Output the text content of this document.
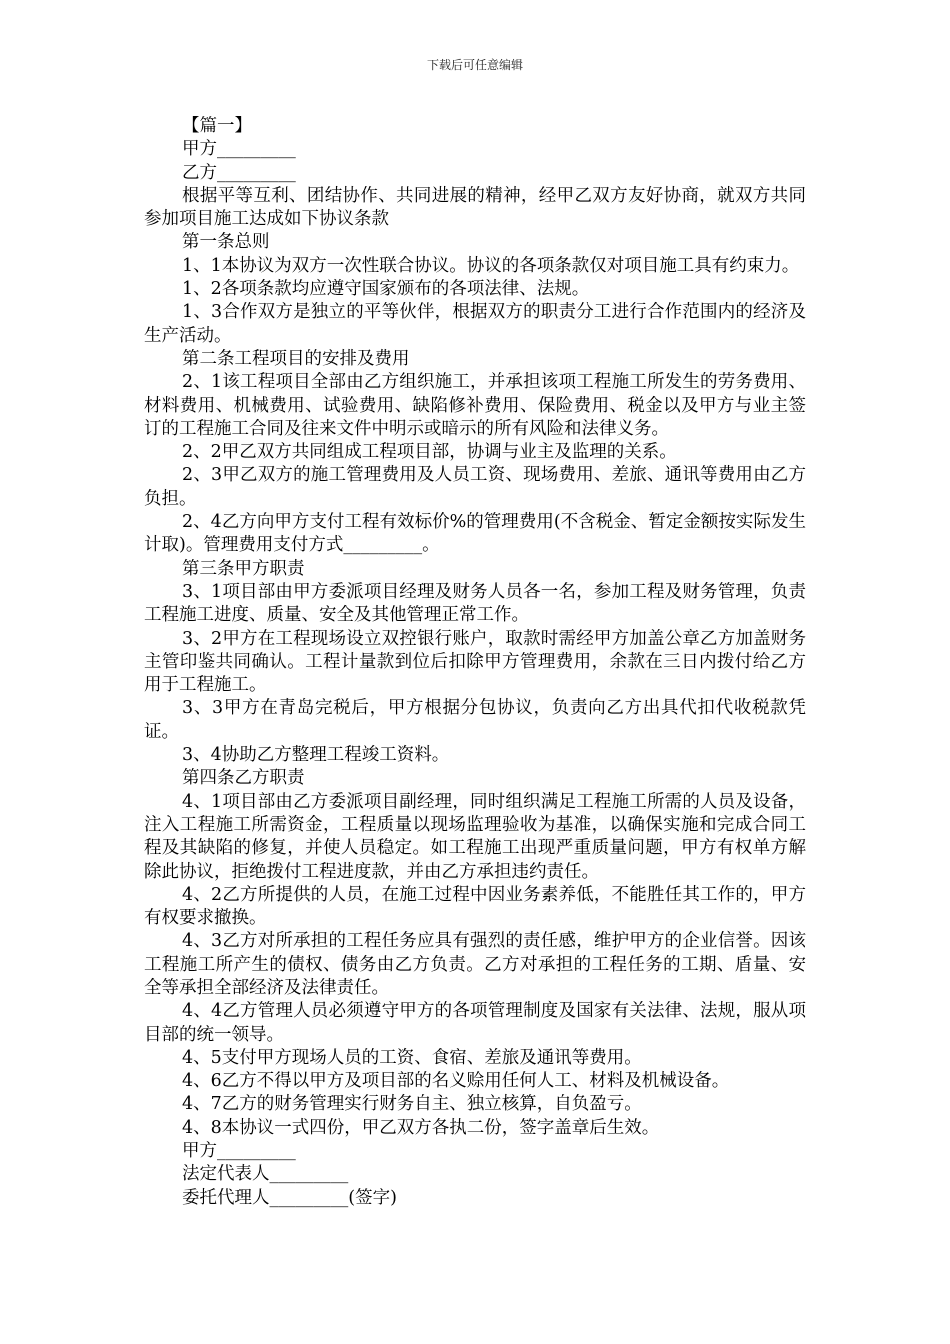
下载后可任意编辑

【篇一】

甲方_________

乙方_________

根据平等互利、团结协作、共同进展的精神，经甲乙双方友好协商，就双方共同参加项目施工达成如下协议条款

第一条总则

1、1本协议为双方一次性联合协议。协议的各项条款仅对项目施工具有约束力。

1、2各项条款均应遵守国家颁布的各项法律、法规。

1、3合作双方是独立的平等伙伴，根据双方的职责分工进行合作范围内的经济及生产活动。

第二条工程项目的安排及费用

2、1该工程项目全部由乙方组织施工，并承担该项工程施工所发生的劳务费用、材料费用、机械费用、试验费用、缺陷修补费用、保险费用、税金以及甲方与业主签订的工程施工合同及往来文件中明示或暗示的所有风险和法律义务。

2、2甲乙双方共同组成工程项目部，协调与业主及监理的关系。

2、3甲乙双方的施工管理费用及人员工资、现场费用、差旅、通讯等费用由乙方负担。

2、4乙方向甲方支付工程有效标价%的管理费用(不含税金、暂定金额按实际发生计取)。管理费用支付方式_________。

第三条甲方职责

3、1项目部由甲方委派项目经理及财务人员各一名，参加工程及财务管理，负责工程施工进度、质量、安全及其他管理正常工作。

3、2甲方在工程现场设立双控银行账户，取款时需经甲方加盖公章乙方加盖财务主管印鉴共同确认。工程计量款到位后扣除甲方管理费用，余款在三日内拨付给乙方用于工程施工。

3、3甲方在青岛完税后，甲方根据分包协议，负责向乙方出具代扣代收税款凭证。

3、4协助乙方整理工程竣工资料。

第四条乙方职责

4、1项目部由乙方委派项目副经理，同时组织满足工程施工所需的人员及设备，注入工程施工所需资金，工程质量以现场监理验收为基准，以确保实施和完成合同工程及其缺陷的修复，并使人员稳定。如工程施工出现严重质量问题，甲方有权单方解除此协议，拒绝拨付工程进度款，并由乙方承担违约责任。

4、2乙方所提供的人员，在施工过程中因业务素养低，不能胜任其工作的，甲方有权要求撤换。

4、3乙方对所承担的工程任务应具有强烈的责任感，维护甲方的企业信誉。因该工程施工所产生的债权、债务由乙方负责。乙方对承担的工程任务的工期、盾量、安全等承担全部经济及法律责任。

4、4乙方管理人员必须遵守甲方的各项管理制度及国家有关法律、法规，服从项目部的统一领导。

4、5支付甲方现场人员的工资、食宿、差旅及通讯等费用。

4、6乙方不得以甲方及项目部的名义赊用任何人工、材料及机械设备。

4、7乙方的财务管理实行财务自主、独立核算，自负盈亏。

4、8本协议一式四份，甲乙双方各执二份，签字盖章后生效。

甲方_________

法定代表人_________

委托代理人_________(签字)
